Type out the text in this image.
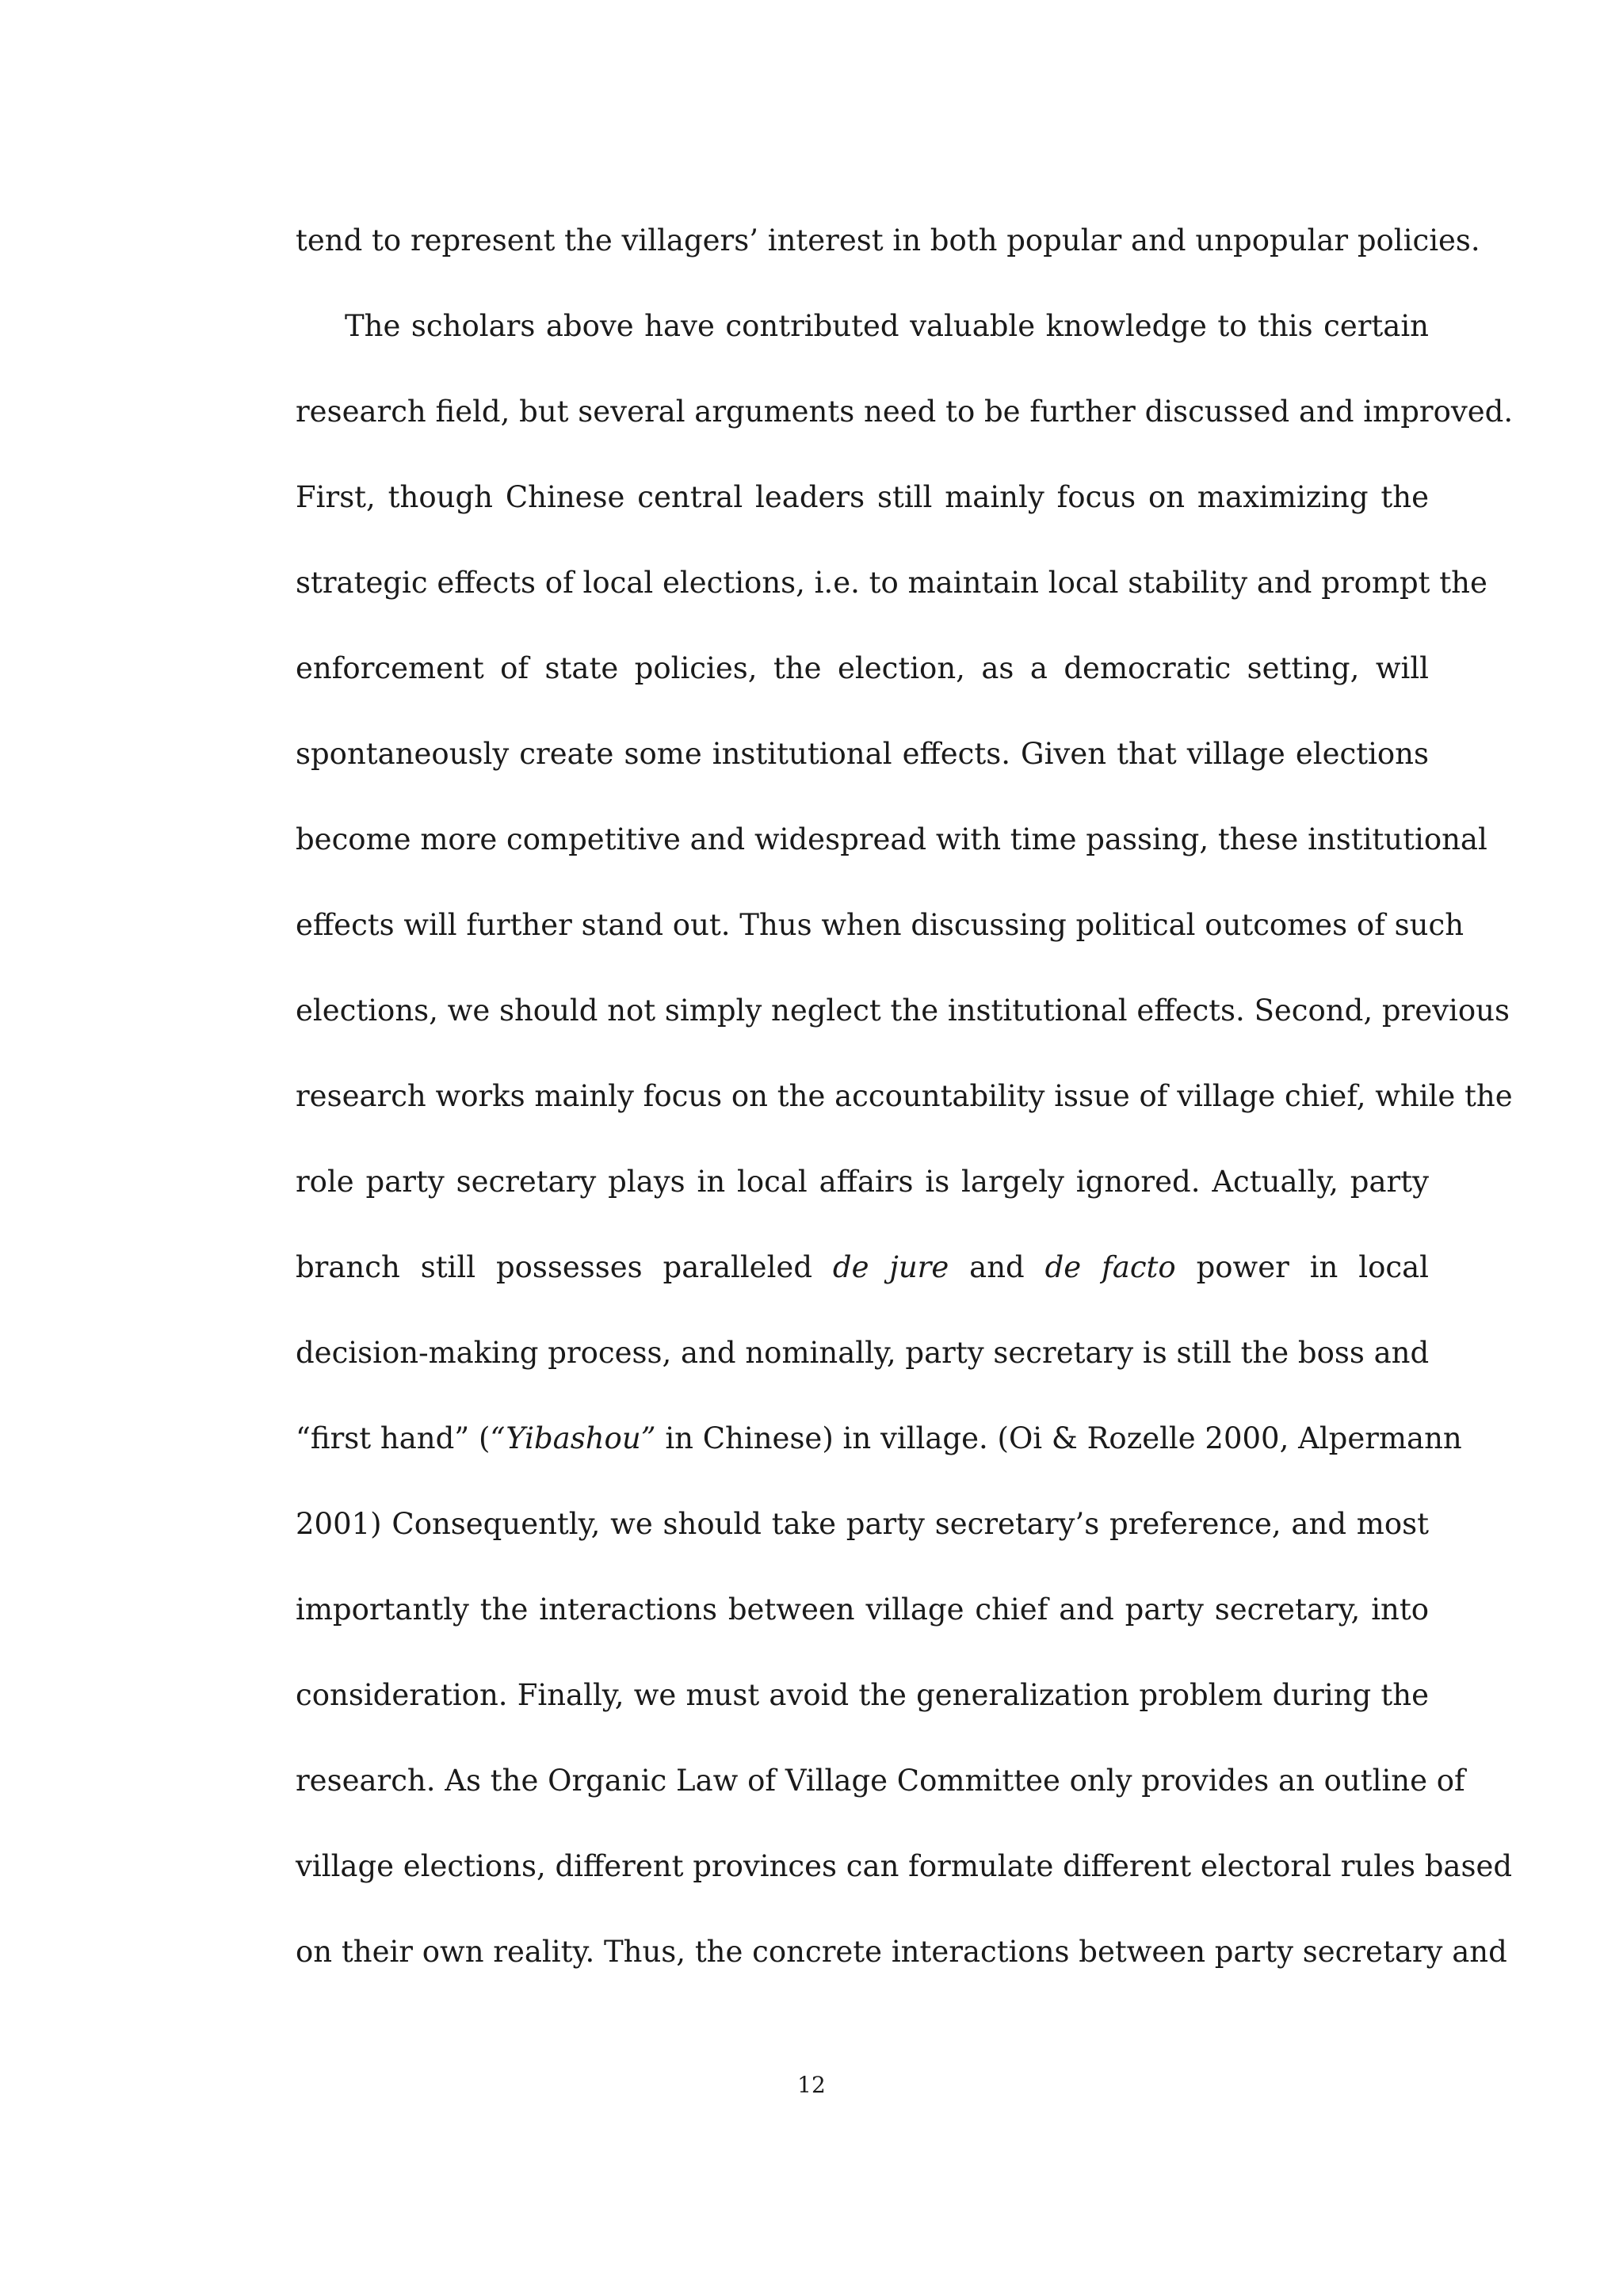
tend to represent the villagers’ interest in both popular and unpopular policies.
The scholars above have contributed valuable knowledge to this certain
research field, but several arguments need to be further discussed and improved.
First, though Chinese central leaders still mainly focus on maximizing the
strategic effects of local elections, i.e. to maintain local stability and prompt the
enforcement of state policies, the election, as a democratic setting, will
spontaneously create some institutional effects. Given that village elections
become more competitive and widespread with time passing, these institutional
effects will further stand out. Thus when discussing political outcomes of such
elections, we should not simply neglect the institutional effects. Second, previous
research works mainly focus on the accountability issue of village chief, while the
role party secretary plays in local affairs is largely ignored. Actually, party
branch still possesses paralleled de jure and de facto power in local
decision-making process, and nominally, party secretary is still the boss and
“first hand” (“Yibashou” in Chinese) in village. (Oi & Rozelle 2000, Alpermann
2001) Consequently, we should take party secretary’s preference, and most
importantly the interactions between village chief and party secretary, into
consideration. Finally, we must avoid the generalization problem during the
research. As the Organic Law of Village Committee only provides an outline of
village elections, different provinces can formulate different electoral rules based
on their own reality. Thus, the concrete interactions between party secretary and
12
